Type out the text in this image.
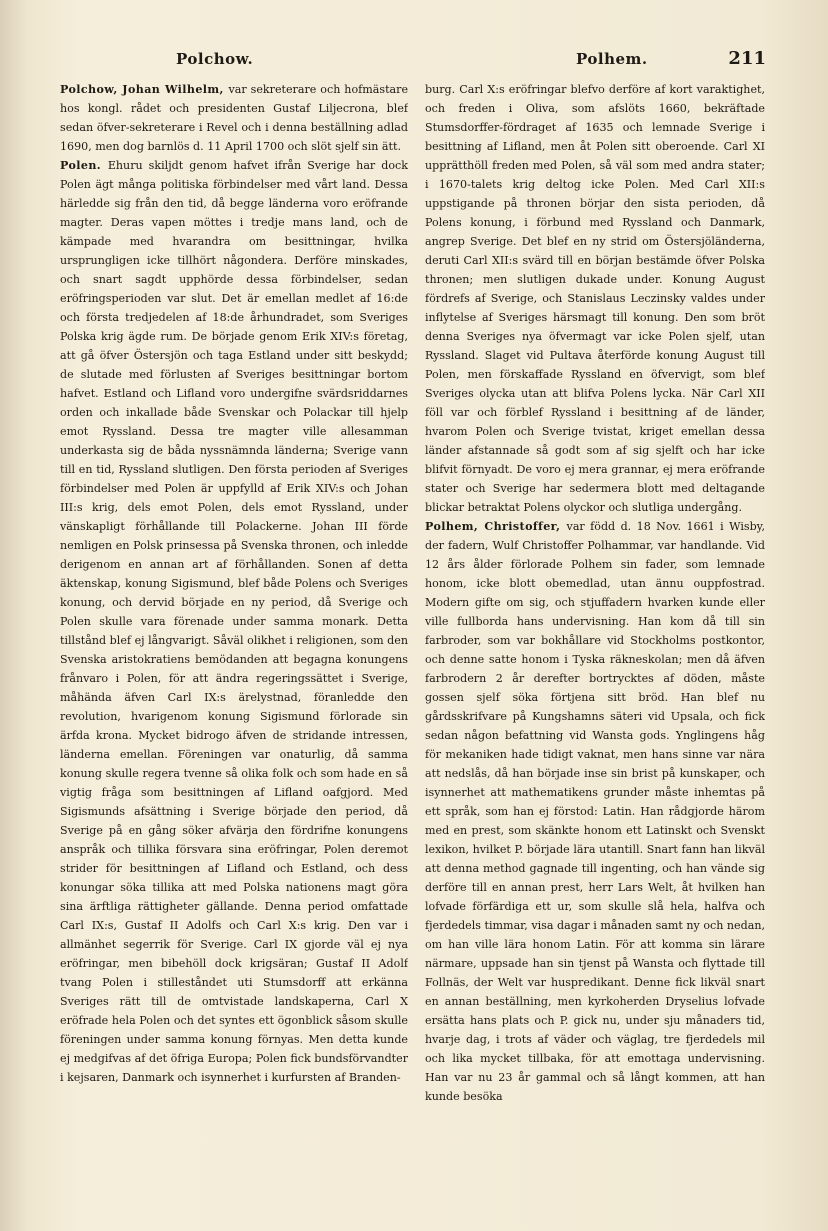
Polchow.	Polhem.	211

Polchow, Johan Wilhelm, var sekreterare och hofmästare hos kongl. rådet och presidenten Gustaf Liljecrona, blef sedan öfver-sekreterare i Revel och i denna beställning adlad 1690, men dog barnlös d. 11 April 1700 och slöt sjelf sin ätt.

Polen. Ehuru skiljdt genom hafvet ifrån Sverige har dock Polen ägt många politiska förbindelser med vårt land. Dessa härledde sig från den tid, då begge länderna voro eröfrande magter. Deras vapen möttes i tredje mans land, och de kämpade med hvarandra om besittningar, hvilka ursprungligen icke tillhört någondera. Derföre minskades, och snart sagdt upphörde dessa förbindelser, sedan eröfringsperioden var slut. Det är emellan medlet af 16:de och första tredjedelen af 18:de århundradet, som Sveriges Polska krig ägde rum. De började genom Erik XIV:s företag, att gå öfver Östersjön och taga Estland under sitt beskydd; de slutade med förlusten af Sveriges besittningar bortom hafvet. Estland och Lifland voro undergifne svärdsriddarnes orden och inkallade både Svenskar och Polackar till hjelp emot Ryssland. Dessa tre magter ville allesamman underkasta sig de båda nyssnämnda länderna; Sverige vann till en tid, Ryssland slutligen. Den första perioden af Sveriges förbindelser med Polen är uppfylld af Erik XIV:s och Johan III:s krig, dels emot Polen, dels emot Ryssland, under vänskapligt förhållande till Polackerne. Johan III förde nemligen en Polsk prinsessa på Svenska thronen, och inledde derigenom en annan art af förhållanden. Sonen af detta äktenskap, konung Sigismund, blef både Polens och Sveriges konung, och dervid började en ny period, då Sverige och Polen skulle vara förenade under samma monark. Detta tillstånd blef ej långvarigt. Såväl olikhet i religionen, som den Svenska aristokratiens bemödanden att begagna konungens frånvaro i Polen, för att ändra regeringssättet i Sverige, måhända äfven Carl IX:s ärelystnad, föranledde den revolution, hvarigenom konung Sigismund förlorade sin ärfda krona. Mycket bidrogo äfven de stridande intressen, länderna emellan. Föreningen var onaturlig, då samma konung skulle regera tvenne så olika folk och som hade en så vigtig fråga som besittningen af Lifland oafgjord. Med Sigismunds afsättning i Sverige började den period, då Sverige på en gång söker afvärja den fördrifne konungens anspråk och tillika försvara sina eröfringar, Polen deremot strider för besittningen af Lifland och Estland, och dess konungar söka tillika att med Polska nationens magt göra sina ärftliga rättigheter gällande. Denna period omfattade Carl IX:s, Gustaf II Adolfs och Carl X:s krig. Den var i allmänhet segerrik för Sverige. Carl IX gjorde väl ej nya eröfringar, men bibehöll dock krigsäran; Gustaf II Adolf tvang Polen i stilleståndet uti Stumsdorff att erkänna Sveriges rätt till de omtvistade landskaperna, Carl X eröfrade hela Polen och det syntes ett ögonblick såsom skulle föreningen under samma konung förnyas. Men detta kunde ej medgifvas af det öfriga Europa; Polen fick bundsförvandter i kejsaren, Danmark och isynnerhet i kurfursten af Branden-

burg. Carl X:s eröfringar blefvo derföre af kort varaktighet, och freden i Oliva, som afslöts 1660, bekräftade Stumsdorffer-fördraget af 1635 och lemnade Sverige i besittning af Lifland, men åt Polen sitt oberoende. Carl XI upprätthöll freden med Polen, så väl som med andra stater; i 1670-talets krig deltog icke Polen. Med Carl XII:s uppstigande på thronen börjar den sista perioden, då Polens konung, i förbund med Ryssland och Danmark, angrep Sverige. Det blef en ny strid om Östersjöländerna, deruti Carl XII:s svärd till en början bestämde öfver Polska thronen; men slutligen dukade under. Konung August fördrefs af Sverige, och Stanislaus Leczinsky valdes under inflytelse af Sveriges härsmagt till konung. Den som bröt denna Sveriges nya öfvermagt var icke Polen sjelf, utan Ryssland. Slaget vid Pultava återförde konung August till Polen, men förskaffade Ryssland en öfvervigt, som blef Sveriges olycka utan att blifva Polens lycka. När Carl XII föll var och förblef Ryssland i besittning af de länder, hvarom Polen och Sverige tvistat, kriget emellan dessa länder afstannade så godt som af sig sjelft och har icke blifvit förnyadt. De voro ej mera grannar, ej mera eröfrande stater och Sverige har sedermera blott med deltagande blickar betraktat Polens olyckor och slutliga undergång.

Polhem, Christoffer, var född d. 18 Nov. 1661 i Wisby, der fadern, Wulf Christoffer Polhammar, var handlande. Vid 12 års ålder förlorade Polhem sin fader, som lemnade honom, icke blott obemedlad, utan ännu ouppfostrad. Modern gifte om sig, och stjuffadern hvarken kunde eller ville fullborda hans undervisning. Han kom då till sin farbroder, som var bokhållare vid Stockholms postkontor, och denne satte honom i Tyska räkneskolan; men då äfven farbrodern 2 år derefter bortrycktes af döden, måste gossen sjelf söka förtjena sitt bröd. Han blef nu gårdsskrifvare på Kungshamns säteri vid Upsala, och fick sedan någon befattning vid Wansta gods. Ynglingens håg för mekaniken hade tidigt vaknat, men hans sinne var nära att nedslås, då han började inse sin brist på kunskaper, och isynnerhet att mathematikens grunder måste inhemtas på ett språk, som han ej förstod: Latin. Han rådgjorde härom med en prest, som skänkte honom ett Latinskt och Svenskt lexikon, hvilket P. började lära utantill. Snart fann han likväl att denna method gagnade till ingenting, och han vände sig derföre till en annan prest, herr Lars Welt, åt hvilken han lofvade förfärdiga ett ur, som skulle slå hela, halfva och fjerdedels timmar, visa dagar i månaden samt ny och nedan, om han ville lära honom Latin. För att komma sin lärare närmare, uppsade han sin tjenst på Wansta och flyttade till Follnäs, der Welt var huspredikant. Denne fick likväl snart en annan beställning, men kyrkoherden Dryselius lofvade ersätta hans plats och P. gick nu, under sju månaders tid, hvarje dag, i trots af väder och väglag, tre fjerdedels mil och lika mycket tillbaka, för att emottaga undervisning. Han var nu 23 år gammal och så långt kommen, att han kunde besöka
